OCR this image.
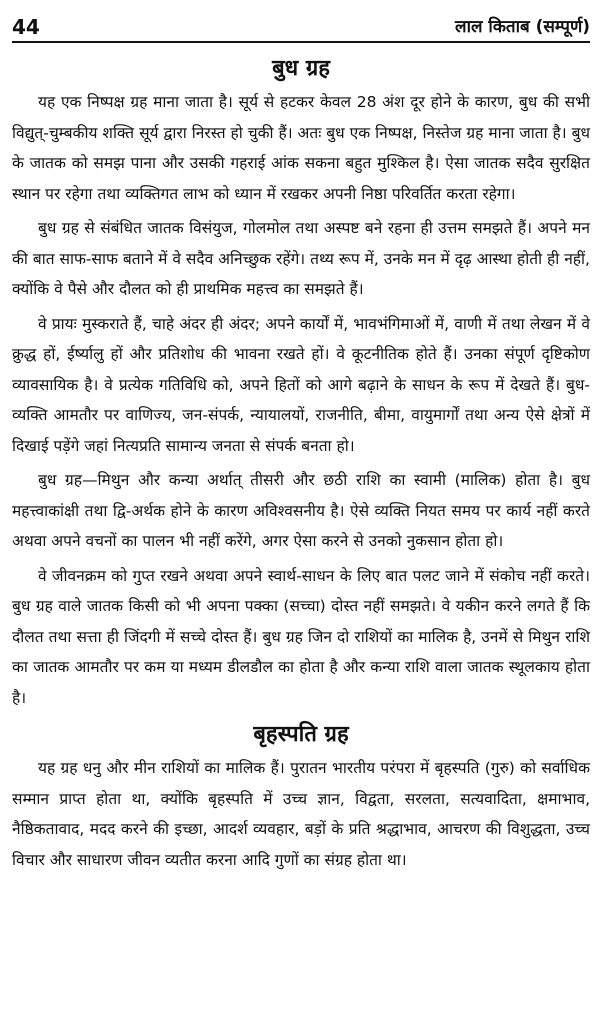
44	लाल किताब (सम्पूर्ण)
बुध ग्रह

यह एक निष्पक्ष ग्रह माना जाता है। सूर्य से हटकर केवल 28 अंश दूर होने के कारण, बुध की सभी विद्युत्-चुम्बकीय शक्ति सूर्य द्वारा निरस्त हो चुकी हैं। अतः बुध एक निष्पक्ष, निस्तेज ग्रह माना जाता है। बुध के जातक को समझ पाना और उसकी गहराई आंक सकना बहुत मुश्किल है। ऐसा जातक सदैव सुरक्षित स्थान पर रहेगा तथा व्यक्तिगत लाभ को ध्यान में रखकर अपनी निष्ठा परिवर्तित करता रहेगा।

बुध ग्रह से संबंधित जातक विसंयुज, गोलमोल तथा अस्पष्ट बने रहना ही उत्तम समझते हैं। अपने मन की बात साफ-साफ बताने में वे सदैव अनिच्छुक रहेंगे। तथ्य रूप में, उनके मन में दृढ़ आस्था होती ही नहीं, क्योंकि वे पैसे और दौलत को ही प्राथमिक महत्त्व का समझते हैं।

वे प्रायः मुस्कराते हैं, चाहे अंदर ही अंदर; अपने कार्यों में, भावभंगिमाओं में, वाणी में तथा लेखन में वे क्रुद्ध हों, ईर्ष्यालु हों और प्रतिशोध की भावना रखते हों। वे कूटनीतिक होते हैं। उनका संपूर्ण दृष्टिकोण व्यावसायिक है। वे प्रत्येक गतिविधि को, अपने हितों को आगे बढ़ाने के साधन के रूप में देखते हैं। बुध-व्यक्ति आमतौर पर वाणिज्य, जन-संपर्क, न्यायालयों, राजनीति, बीमा, वायुमार्गों तथा अन्य ऐसे क्षेत्रों में दिखाई पड़ेंगे जहां नित्यप्रति सामान्य जनता से संपर्क बनता हो।

बुध ग्रह—मिथुन और कन्या अर्थात् तीसरी और छठी राशि का स्वामी (मालिक) होता है। बुध महत्त्वाकांक्षी तथा द्वि-अर्थक होने के कारण अविश्वसनीय है। ऐसे व्यक्ति नियत समय पर कार्य नहीं करते अथवा अपने वचनों का पालन भी नहीं करेंगे, अगर ऐसा करने से उनको नुकसान होता हो।

वे जीवनक्रम को गुप्त रखने अथवा अपने स्वार्थ-साधन के लिए बात पलट जाने में संकोच नहीं करते। बुध ग्रह वाले जातक किसी को भी अपना पक्का (सच्चा) दोस्त नहीं समझते। वे यकीन करने लगते हैं कि दौलत तथा सत्ता ही जिंदगी में सच्चे दोस्त हैं। बुध ग्रह जिन दो राशियों का मालिक है, उनमें से मिथुन राशि का जातक आमतौर पर कम या मध्यम डीलडौल का होता है और कन्या राशि वाला जातक स्थूलकाय होता है।

बृहस्पति ग्रह

यह ग्रह धनु और मीन राशियों का मालिक हैं। पुरातन भारतीय परंपरा में बृहस्पति (गुरु) को सर्वाधिक सम्मान प्राप्त होता था, क्योंकि बृहस्पति में उच्च ज्ञान, विद्वता, सरलता, सत्यवादिता, क्षमाभाव, नैष्ठिकतावाद, मदद करने की इच्छा, आदर्श व्यवहार, बड़ों के प्रति श्रद्धाभाव, आचरण की विशुद्धता, उच्च विचार और साधारण जीवन व्यतीत करना आदि गुणों का संग्रह होता था।
